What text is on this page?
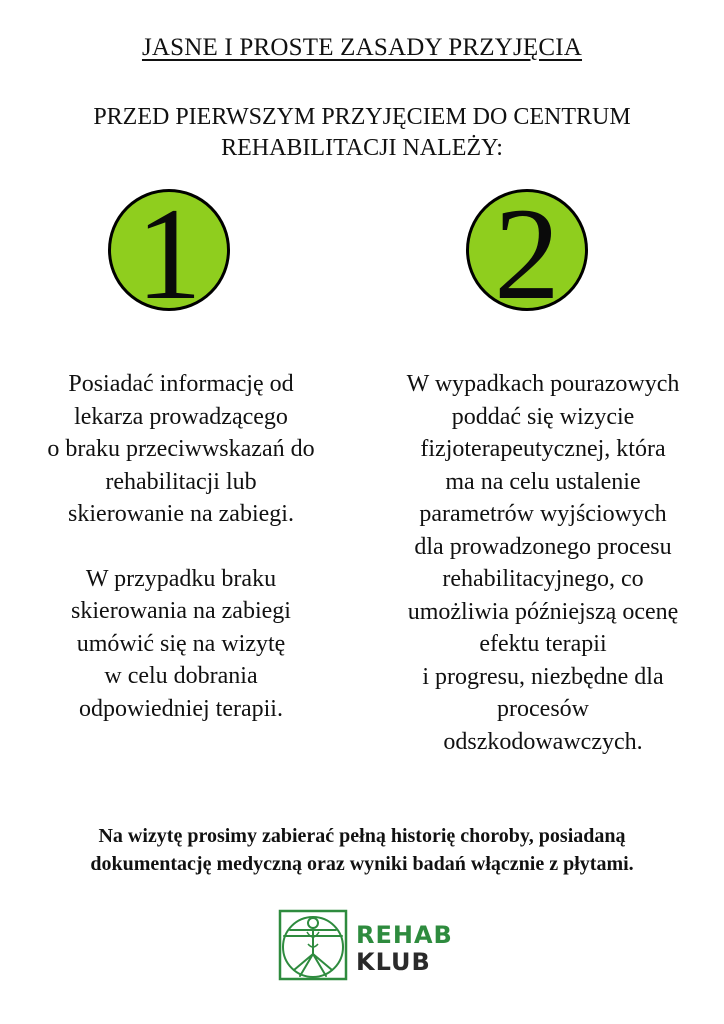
JASNE I PROSTE ZASADY PRZYJĘCIA
PRZED PIERWSZYM PRZYJĘCIEM DO CENTRUM
REHABILITACJI NALEŻY:
1 2

Posiadać informację od

lekarza prowadzącego

o braku przeciwwskazań do

rehabilitacji lub

skierowanie na zabiegi.

W przypadku braku

skierowania na zabiegi

umówić się na wizytę

w celu dobrania

odpowiedniej terapii.

W wypadkach pourazowych

poddać się wizycie

fizjoterapeutycznej, która

ma na celu ustalenie

parametrów wyjściowych

dla prowadzonego procesu

rehabilitacyjnego, co

umożliwia późniejszą ocenę

efektu terapii

i progresu, niezbędne dla

procesów

odszkodowawczych.

Na wizytę prosimy zabierać pełną historię choroby, posiadaną
dokumentację medyczną oraz wyniki badań włącznie z płytami.
REHAB
KLUB
